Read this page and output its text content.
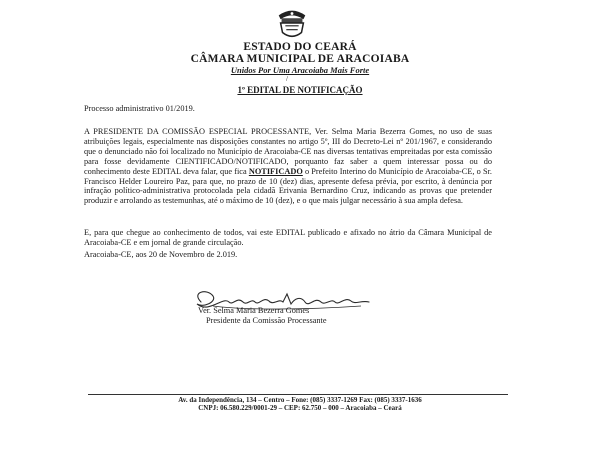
ESTADO DO CEARÁ
CÂMARA MUNICIPAL DE ARACOIABA
Unidos Por Uma Aracoiaba Mais Forte
/
1º EDITAL DE NOTIFICAÇÃO
Processo administrativo 01/2019.
A PRESIDENTE DA COMISSÃO ESPECIAL PROCESSANTE, Ver. Selma Maria Bezerra Gomes, no uso de suas atribuições legais, especialmente nas disposições constantes no artigo 5º, III do Decreto-Lei nº 201/1967, e considerando que o denunciado não foi localizado no Município de Aracoiaba-CE nas diversas tentativas empreitadas por esta comissão para fosse devidamente CIENTIFICADO/NOTIFICADO, porquanto faz saber a quem interessar possa ou do conhecimento deste EDITAL deva falar, que fica NOTIFICADO o Prefeito Interino do Município de Aracoiaba-CE, o Sr. Francisco Helder Loureiro Paz, para que, no prazo de 10 (dez) dias, apresente defesa prévia, por escrito, à denúncia por infração político-administrativa protocolada pela cidadã Erivania Bernardino Cruz, indicando as provas que pretender produzir e arrolando as testemunhas, até o máximo de 10 (dez), e o que mais julgar necessário à sua ampla defesa.
E, para que chegue ao conhecimento de todos, vai este EDITAL publicado e afixado no átrio da Câmara Municipal de Aracoiaba-CE e em jornal de grande circulação.
Aracoiaba-CE, aos 20 de Novembro de 2.019.
Ver. Selma Maria Bezerra Gomes
Presidente da Comissão Processante
Av. da Independência, 134 – Centro – Fone: (085) 3337-1269 Fax: (085) 3337-1636
CNPJ: 06.580.229/0001-29 – CEP: 62.750 – 000 – Aracoiaba – Ceará
